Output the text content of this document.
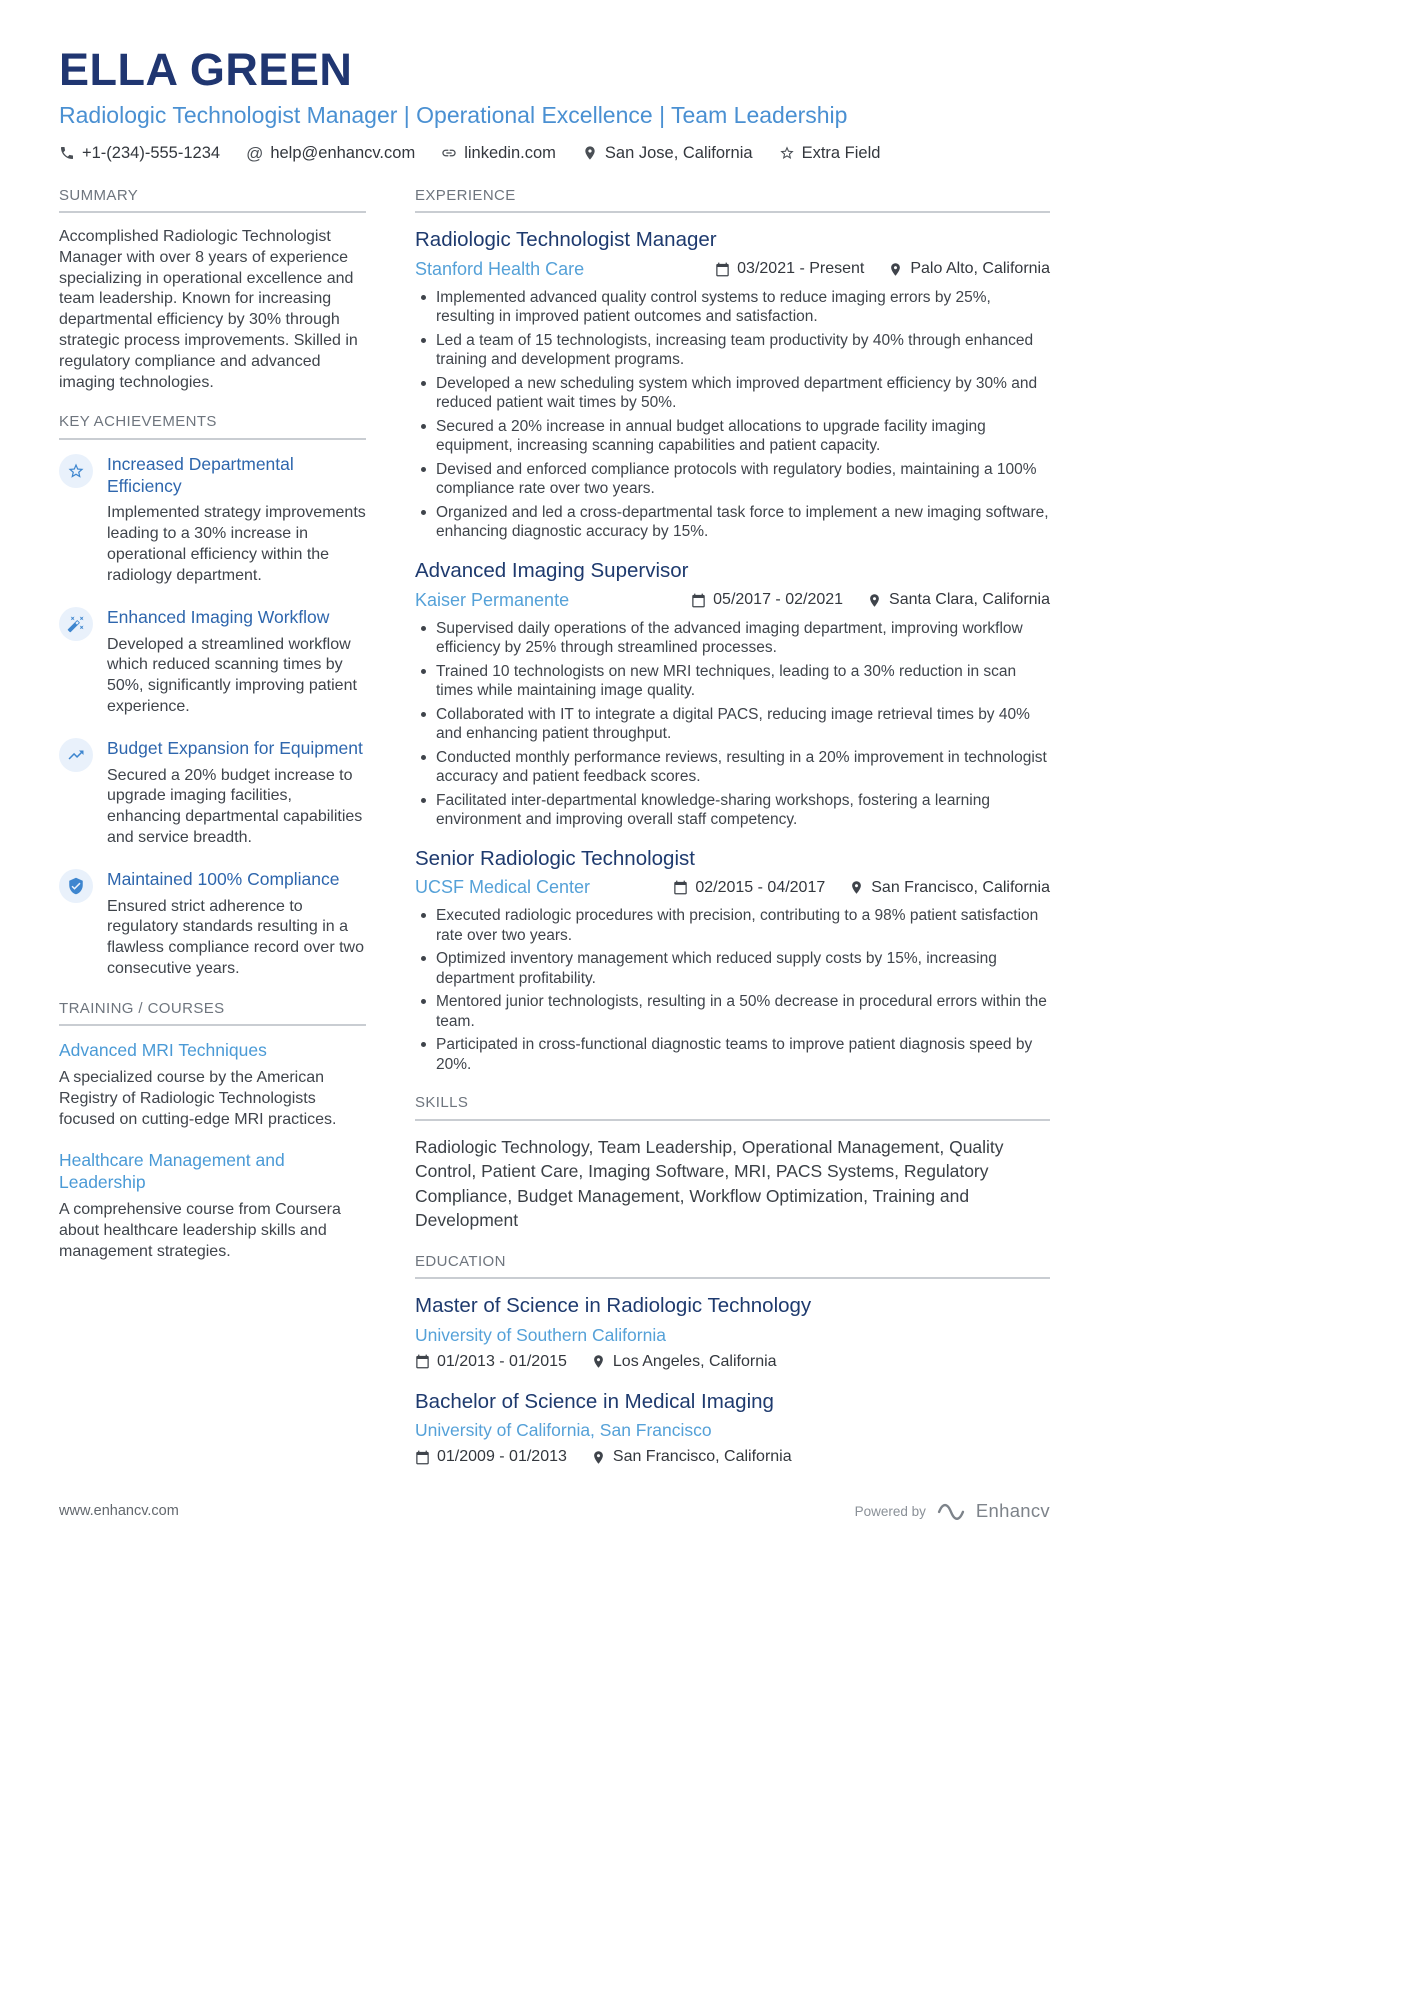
ELLA GREEN
Radiologic Technologist Manager | Operational Excellence | Team Leadership
+1-(234)-555-1234 @ help@enhancv.com	linkedin.com	San Jose, California	Extra Field
SUMMARY

Accomplished Radiologic Technologist Manager with over 8 years of experience specializing in operational excellence and team leadership. Known for increasing departmental efficiency by 30% through strategic process improvements. Skilled in regulatory compliance and advanced imaging technologies.

KEY ACHIEVEMENTS
Increased Departmental Efficiency
Implemented strategy improvements leading to a 30% increase in operational efficiency within the radiology department.
Enhanced Imaging Workflow
Developed a streamlined workflow which reduced scanning times by 50%, significantly improving patient experience.
Budget Expansion for Equipment
Secured a 20% budget increase to upgrade imaging facilities, enhancing departmental capabilities and service breadth.
Maintained 100% Compliance
Ensured strict adherence to regulatory standards resulting in a flawless compliance record over two consecutive years.
TRAINING / COURSES
Advanced MRI Techniques
A specialized course by the American Registry of Radiologic Technologists focused on cutting-edge MRI practices.
Healthcare Management and Leadership
A comprehensive course from Coursera about healthcare leadership skills and management strategies.
EXPERIENCE
Radiologic Technologist Manager
Stanford Health Care	03/2021 - Present	Palo Alto, California
Implemented advanced quality control systems to reduce imaging errors by 25%, resulting in improved patient outcomes and satisfaction.
Led a team of 15 technologists, increasing team productivity by 40% through enhanced training and development programs.
Developed a new scheduling system which improved department efficiency by 30% and reduced patient wait times by 50%.
Secured a 20% increase in annual budget allocations to upgrade facility imaging equipment, increasing scanning capabilities and patient capacity.
Devised and enforced compliance protocols with regulatory bodies, maintaining a 100% compliance rate over two years.
Organized and led a cross-departmental task force to implement a new imaging software, enhancing diagnostic accuracy by 15%.
Advanced Imaging Supervisor
Kaiser Permanente	05/2017 - 02/2021	Santa Clara, California
Supervised daily operations of the advanced imaging department, improving workflow efficiency by 25% through streamlined processes.
Trained 10 technologists on new MRI techniques, leading to a 30% reduction in scan times while maintaining image quality.
Collaborated with IT to integrate a digital PACS, reducing image retrieval times by 40% and enhancing patient throughput.
Conducted monthly performance reviews, resulting in a 20% improvement in technologist accuracy and patient feedback scores.
Facilitated inter-departmental knowledge-sharing workshops, fostering a learning environment and improving overall staff competency.
Senior Radiologic Technologist
UCSF Medical Center	02/2015 - 04/2017	San Francisco, California
Executed radiologic procedures with precision, contributing to a 98% patient satisfaction rate over two years.
Optimized inventory management which reduced supply costs by 15%, increasing department profitability.
Mentored junior technologists, resulting in a 50% decrease in procedural errors within the team.
Participated in cross-functional diagnostic teams to improve patient diagnosis speed by 20%.
SKILLS

Radiologic Technology, Team Leadership, Operational Management, Quality Control, Patient Care, Imaging Software, MRI, PACS Systems, Regulatory Compliance, Budget Management, Workflow Optimization, Training and Development

EDUCATION
Master of Science in Radiologic Technology
University of Southern California
01/2013 - 01/2015	Los Angeles, California
Bachelor of Science in Medical Imaging
University of California, San Francisco
01/2009 - 01/2013	San Francisco, California
www.enhancv.com	Powered by	Enhancv
